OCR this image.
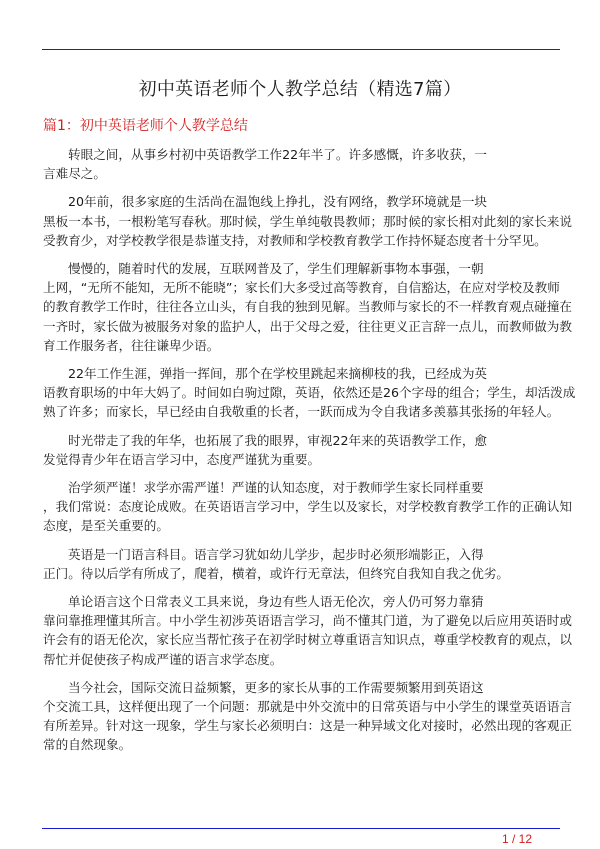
初中英语老师个人教学总结（精选7篇）
篇1：初中英语老师个人教学总结

转眼之间，从事乡村初中英语教学工作22年半了。许多感慨，许多收获，一
言难尽之。

20年前，很多家庭的生活尚在温饱线上挣扎，没有网络，教学环境就是一块
黑板一本书，一根粉笔写春秋。那时候，学生单纯敬畏教师；那时候的家长相对此刻的家长来说
受教育少，对学校教学很是恭谨支持，对教师和学校教育教学工作持怀疑态度者十分罕见。

慢慢的，随着时代的发展，互联网普及了，学生们理解新事物本事强，一朝
上网，“无所不能知，无所不能晓”；家长们大多受过高等教育，自信豁达，在应对学校及教师
的教育教学工作时，往往各立山头，有自我的独到见解。当教师与家长的不一样教育观点碰撞在
一齐时，家长做为被服务对象的监护人，出于父母之爱，往往更义正言辞一点儿，而教师做为教
育工作服务者，往往谦卑少语。

22年工作生涯，弹指一挥间，那个在学校里跳起来摘柳枝的我，已经成为英
语教育职场的中年大妈了。时间如白驹过隙，英语，依然还是26个字母的组合；学生，却活泼成
熟了许多；而家长，早已经由自我敬重的长者，一跃而成为令自我诸多羡慕其张扬的年轻人。

时光带走了我的年华，也拓展了我的眼界，审视22年来的英语教学工作，愈
发觉得青少年在语言学习中，态度严谨犹为重要。

治学须严谨！求学亦需严谨！严谨的认知态度，对于教师学生家长同样重要
，我们常说：态度论成败。在英语语言学习中，学生以及家长，对学校教育教学工作的正确认知
态度，是至关重要的。

英语是一门语言科目。语言学习犹如幼儿学步，起步时必须形端影正，入得
正门。待以后学有所成了，爬着，横着，或许行无章法，但终究自我知自我之优劣。

单论语言这个日常表义工具来说，身边有些人语无伦次，旁人仍可努力靠猜
靠问靠推理懂其所言。中小学生初涉英语语言学习，尚不懂其门道，为了避免以后应用英语时或
许会有的语无伦次，家长应当帮忙孩子在初学时树立尊重语言知识点，尊重学校教育的观点，以
帮忙并促使孩子构成严谨的语言求学态度。

当今社会，国际交流日益频繁，更多的家长从事的工作需要频繁用到英语这
个交流工具，这样便出现了一个问题：那就是中外交流中的日常英语与中小学生的课堂英语语言
有所差异。针对这一现象，学生与家长必须明白：这是一种异域文化对接时，必然出现的客观正
常的自然现象。

1 / 12
